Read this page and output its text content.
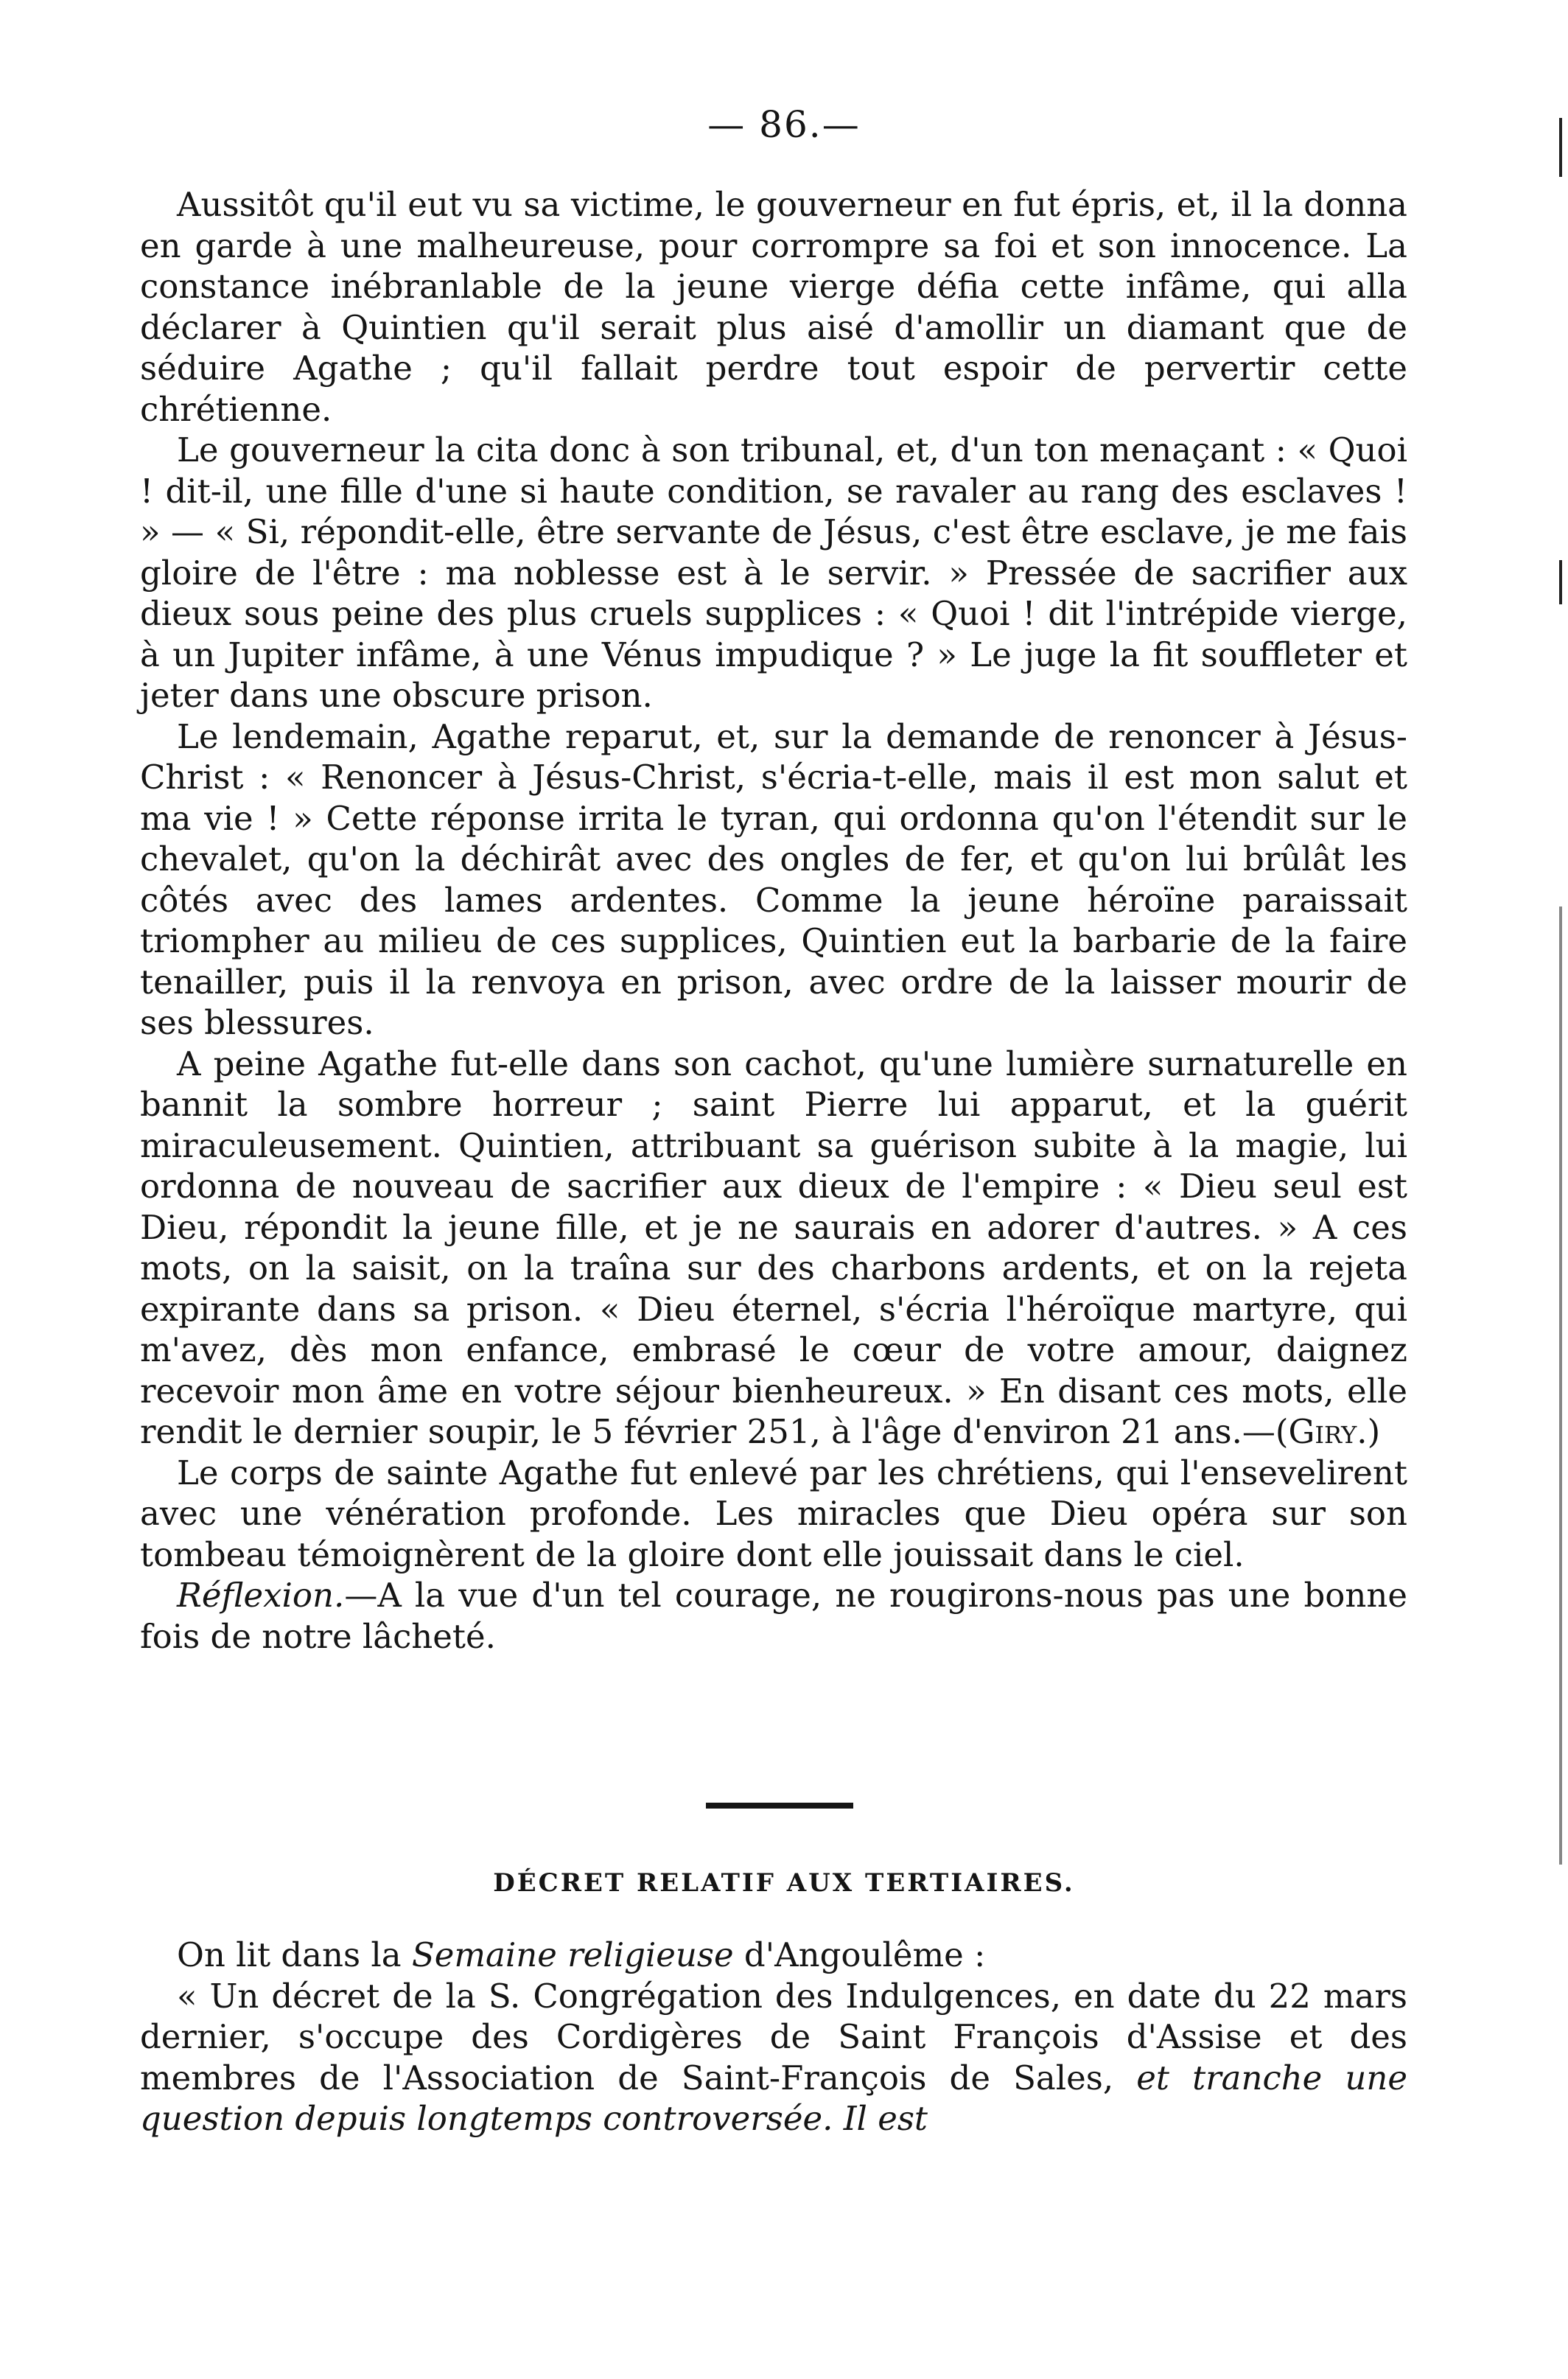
— 86.—

Aussitôt qu'il eut vu sa victime, le gouverneur en fut épris, et, il la donna en garde à une malheureuse, pour corrompre sa foi et son innocence. La constance inébranlable de la jeune vierge défia cette infâme, qui alla déclarer à Quintien qu'il serait plus aisé d'amollir un diamant que de séduire Agathe ; qu'il fallait perdre tout espoir de pervertir cette chrétienne.

Le gouverneur la cita donc à son tribunal, et, d'un ton menaçant : « Quoi ! dit-il, une fille d'une si haute condition, se ravaler au rang des esclaves ! » — « Si, répondit-elle, être servante de Jésus, c'est être esclave, je me fais gloire de l'être : ma noblesse est à le servir. » Pressée de sacrifier aux dieux sous peine des plus cruels supplices : « Quoi ! dit l'intrépide vierge, à un Jupiter infâme, à une Vénus impudique ? » Le juge la fit souffleter et jeter dans une obscure prison.

Le lendemain, Agathe reparut, et, sur la demande de renoncer à Jésus-Christ : « Renoncer à Jésus-Christ, s'écria-t-elle, mais il est mon salut et ma vie ! » Cette réponse irrita le tyran, qui ordonna qu'on l'étendit sur le chevalet, qu'on la déchirât avec des ongles de fer, et qu'on lui brûlât les côtés avec des lames ardentes. Comme la jeune héroïne paraissait triompher au milieu de ces supplices, Quintien eut la barbarie de la faire tenailler, puis il la renvoya en prison, avec ordre de la laisser mourir de ses blessures.

A peine Agathe fut-elle dans son cachot, qu'une lumière surnaturelle en bannit la sombre horreur ; saint Pierre lui apparut, et la guérit miraculeusement. Quintien, attribuant sa guérison subite à la magie, lui ordonna de nouveau de sacrifier aux dieux de l'empire : « Dieu seul est Dieu, répondit la jeune fille, et je ne saurais en adorer d'autres. » A ces mots, on la saisit, on la traîna sur des charbons ardents, et on la rejeta expirante dans sa prison. « Dieu éternel, s'écria l'héroïque martyre, qui m'avez, dès mon enfance, embrasé le cœur de votre amour, daignez recevoir mon âme en votre séjour bienheureux. » En disant ces mots, elle rendit le dernier soupir, le 5 février 251, à l'âge d'environ 21 ans.—(Giry.)

Le corps de sainte Agathe fut enlevé par les chrétiens, qui l'ensevelirent avec une vénération profonde. Les miracles que Dieu opéra sur son tombeau témoignèrent de la gloire dont elle jouissait dans le ciel.

Réflexion.—A la vue d'un tel courage, ne rougirons-nous pas une bonne fois de notre lâcheté.

DÉCRET RELATIF AUX TERTIAIRES.

On lit dans la Semaine religieuse d'Angoulême :

« Un décret de la S. Congrégation des Indulgences, en date du 22 mars dernier, s'occupe des Cordigères de Saint François d'Assise et des membres de l'Association de Saint-François de Sales, et tranche une question depuis longtemps controversée. Il est
